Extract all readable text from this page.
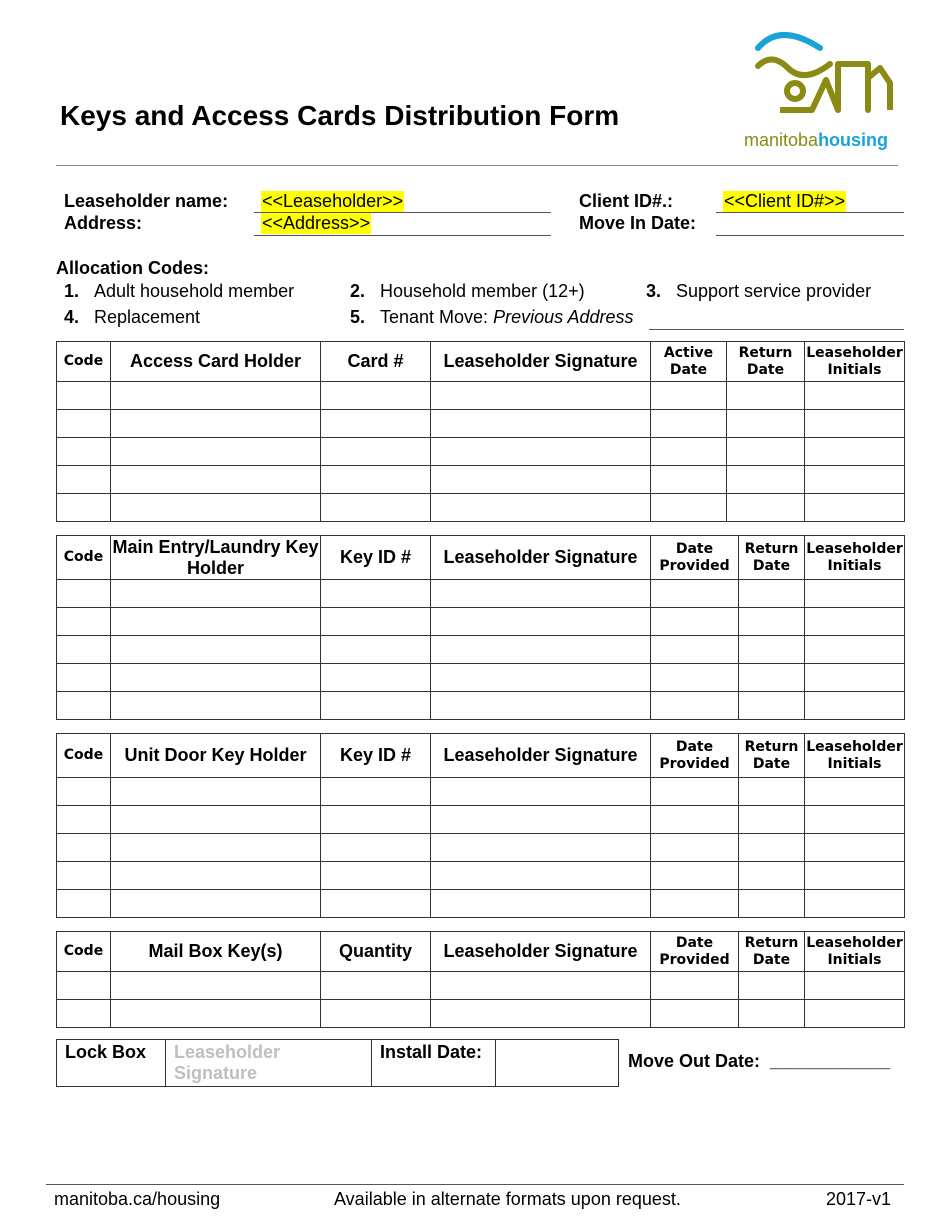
Keys and Access Cards Distribution Form
manitobahousing
Leaseholder name: <<Leaseholder>>
Address:	<<Address>>
Client ID#.:	<<Client ID#>>
Move In Date:
Allocation Codes:
1. Adult household member	2. Household member (12+)	3. Support service provider
4. Replacement	5. Tenant Move: Previous Address
Code	Access Card Holder	Card #	Leaseholder Signature	Active Date	Return Date	Leaseholder Initials

Code	Main Entry/Laundry Key Holder	Key ID #	Leaseholder Signature	Date Provided	Return Date	Leaseholder Initials

Code	Unit Door Key Holder	Key ID #	Leaseholder Signature	Date Provided	Return Date	Leaseholder Initials

Code	Mail Box Key(s)	Quantity	Leaseholder Signature	Date Provided	Return Date	Leaseholder Initials

Lock Box	Leaseholder Signature	Install Date:		Move Out Date: ____________
manitoba.ca/housing	Available in alternate formats upon request.	2017-v1
